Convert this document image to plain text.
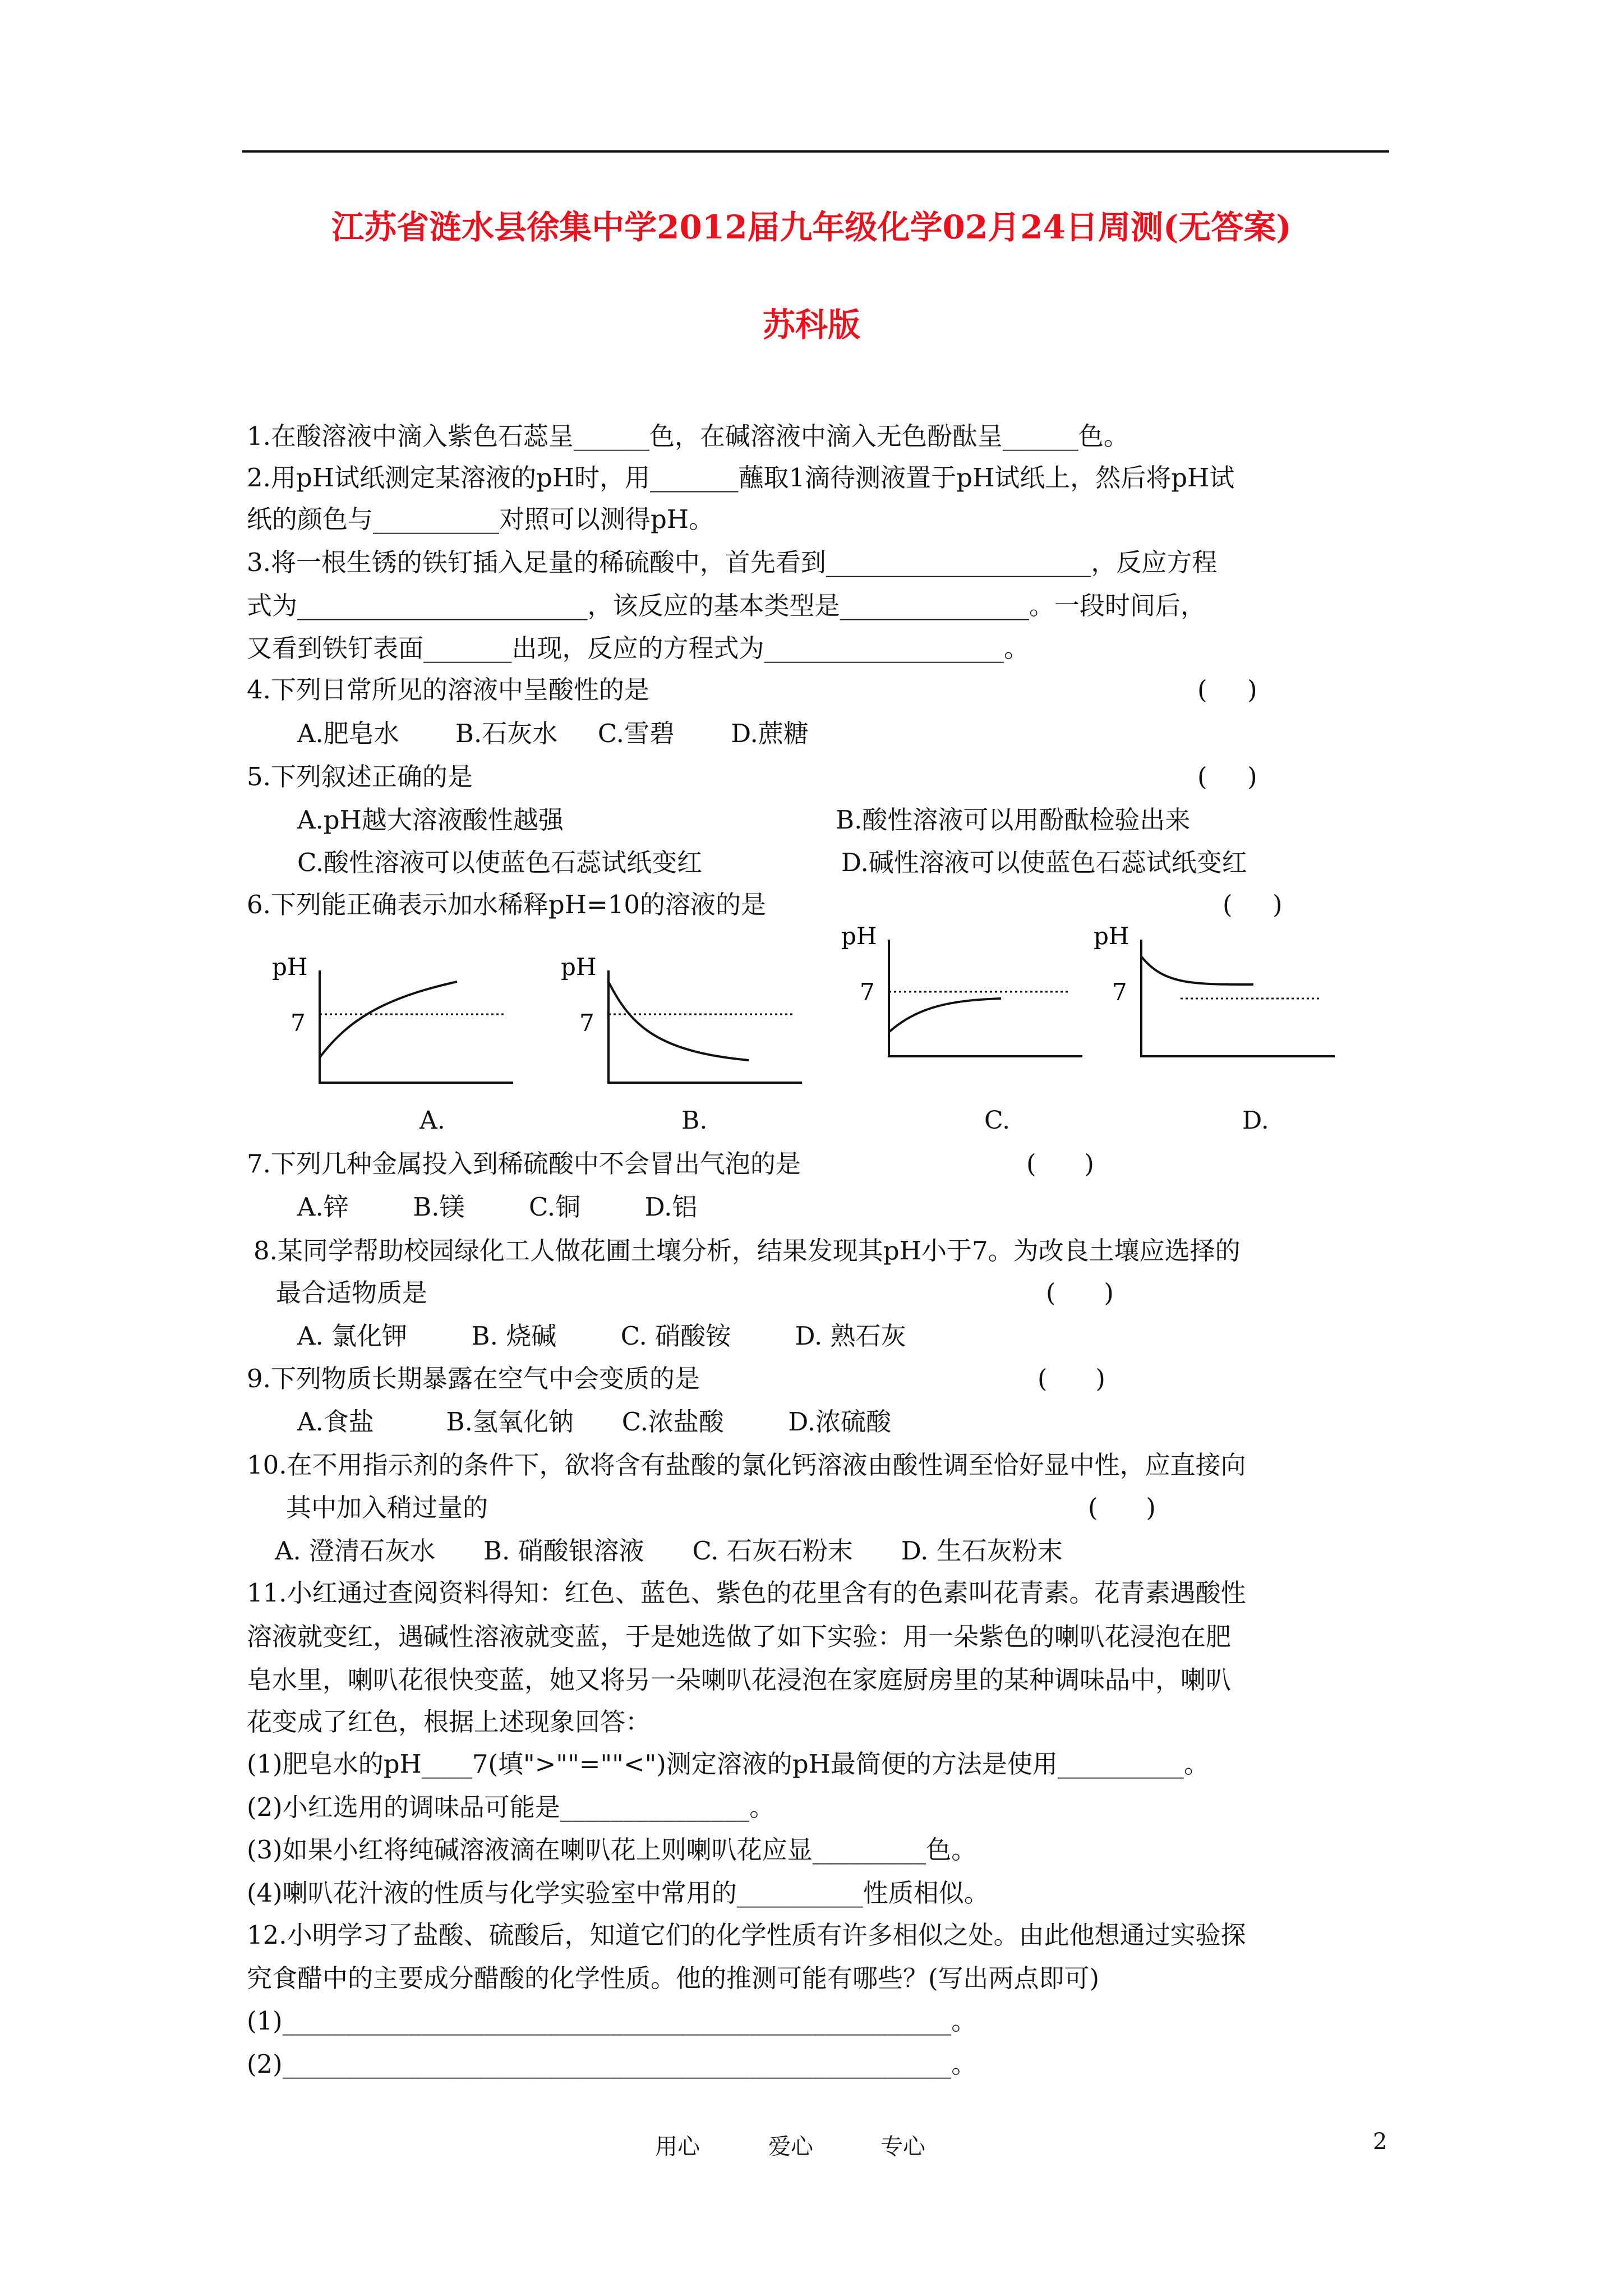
江苏省涟水县徐集中学2012届九年级化学02月24日周测(无答案)
苏科版
1.在酸溶液中滴入紫色石蕊呈______色，在碱溶液中滴入无色酚酞呈______色。
2.用pH试纸测定某溶液的pH时，用_______蘸取1滴待测液置于pH试纸上，然后将pH试
纸的颜色与__________对照可以测得pH。
3.将一根生锈的铁钉插入足量的稀硫酸中，首先看到_____________________，反应方程
式为_______________________，该反应的基本类型是_______________。一段时间后，
又看到铁钉表面_______出现，反应的方程式为___________________。
4.下列日常所见的溶液中呈酸性的是	(     )
A.肥皂水       B.石灰水     C.雪碧       D.蔗糖
5.下列叙述正确的是	(     )
A.pH越大溶液酸性越强	B.酸性溶液可以用酚酞检验出来
C.酸性溶液可以使蓝色石蕊试纸变红	D.碱性溶液可以使蓝色石蕊试纸变红
6.下列能正确表示加水稀释pH=10的溶液的是	(     )
pH
7
A.
pH
7
B.
pH
7
C.
pH
7
D.
7.下列几种金属投入到稀硫酸中不会冒出气泡的是	(      )
A.锌        B.镁        C.铜        D.铝
8.某同学帮助校园绿化工人做花圃土壤分析，结果发现其pH小于7。为改良土壤应选择的
最合适物质是	(      )
A. 氯化钾        B. 烧碱        C. 硝酸铵        D. 熟石灰
9.下列物质长期暴露在空气中会变质的是	(      )
A.食盐         B.氢氧化钠      C.浓盐酸        D.浓硫酸
10.在不用指示剂的条件下，欲将含有盐酸的氯化钙溶液由酸性调至恰好显中性，应直接向
其中加入稍过量的	(      )
A. 澄清石灰水      B. 硝酸银溶液      C. 石灰石粉末      D. 生石灰粉末
11.小红通过查阅资料得知：红色、蓝色、紫色的花里含有的色素叫花青素。花青素遇酸性
溶液就变红，遇碱性溶液就变蓝，于是她选做了如下实验：用一朵紫色的喇叭花浸泡在肥
皂水里，喇叭花很快变蓝，她又将另一朵喇叭花浸泡在家庭厨房里的某种调味品中，喇叭
花变成了红色，根据上述现象回答：
(1)肥皂水的pH____7(填">""=""<")测定溶液的pH最简便的方法是使用__________。
(2)小红选用的调味品可能是_______________。
(3)如果小红将纯碱溶液滴在喇叭花上则喇叭花应显_________色。
(4)喇叭花汁液的性质与化学实验室中常用的__________性质相似。
12.小明学习了盐酸、硫酸后，知道它们的化学性质有许多相似之处。由此他想通过实验探
究食醋中的主要成分醋酸的化学性质。他的推测可能有哪些？(写出两点即可)
(1)_____________________________________________________。
(2)_____________________________________________________。
用心	爱心	专心	2
